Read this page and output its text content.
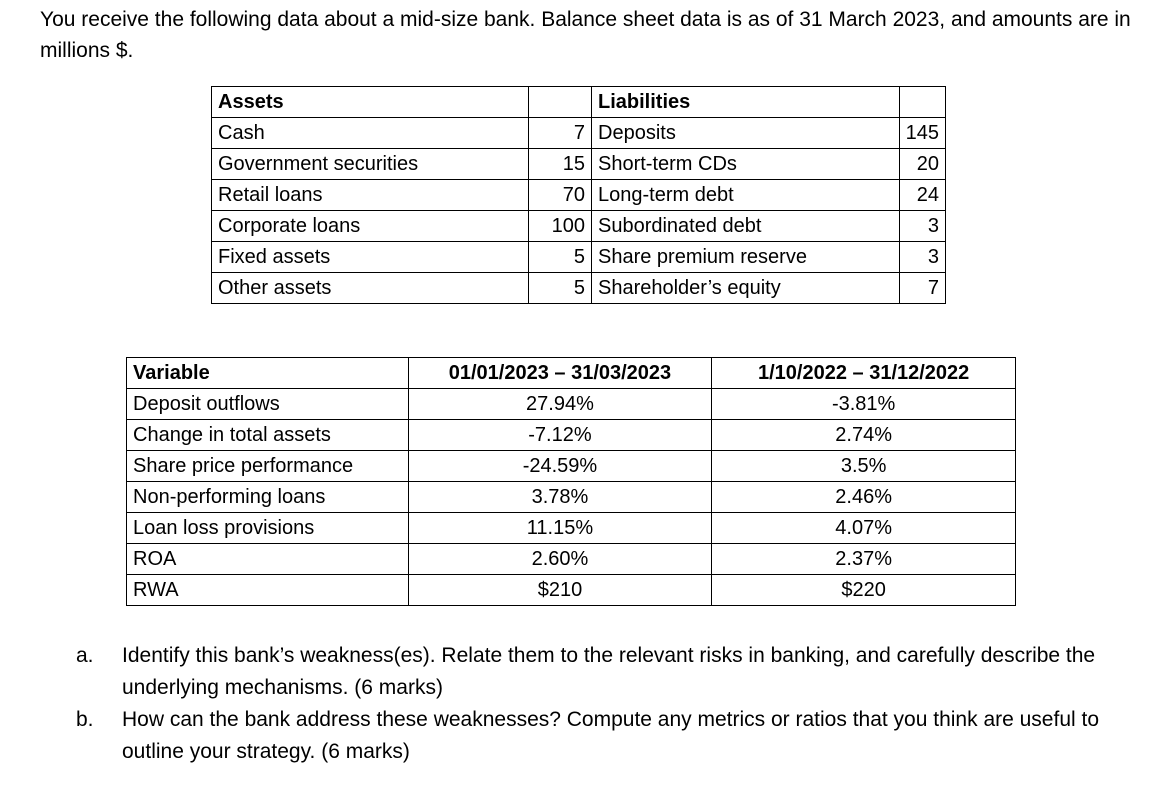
You receive the following data about a mid-size bank. Balance sheet data is as of 31 March 2023, and amounts are in millions $.

Assets		Liabilities	
Cash	7	Deposits	145
Government securities	15	Short-term CDs	20
Retail loans	70	Long-term debt	24
Corporate loans	100	Subordinated debt	3
Fixed assets	5	Share premium reserve	3
Other assets	5	Shareholder’s equity	7
Variable	01/01/2023 – 31/03/2023	1/10/2022 – 31/12/2022
Deposit outflows	27.94%	-3.81%
Change in total assets	-7.12%	2.74%
Share price performance	-24.59%	3.5%
Non-performing loans	3.78%	2.46%
Loan loss provisions	11.15%	4.07%
ROA	2.60%	2.37%
RWA	$210	$220
a. Identify this bank’s weakness(es). Relate them to the relevant risks in banking, and carefully describe the underlying mechanisms. (6 marks)
b. How can the bank address these weaknesses? Compute any metrics or ratios that you think are useful to outline your strategy. (6 marks)
